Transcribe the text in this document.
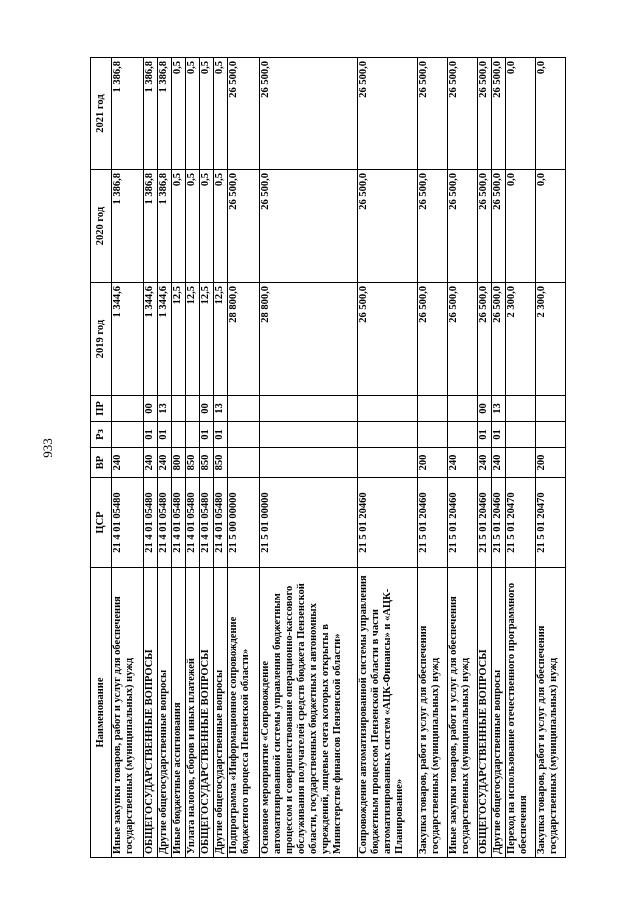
933
Наименование	ЦСР	ВР	Рз	ПР	2019 год	2020 год	2021 год
Иные закупки товаров, работ и услуг для обеспечения государственных (муниципальных) нужд	21 4 01 05480	240			1 344,6	1 386,8	1 386,8
ОБЩЕГОСУДАРСТВЕННЫЕ ВОПРОСЫ	21 4 01 05480	240	01	00	1 344,6	1 386,8	1 386,8
Другие общегосударственные вопросы	21 4 01 05480	240	01	13	1 344,6	1 386,8	1 386,8
Иные бюджетные ассигнования	21 4 01 05480	800			12,5	0,5	0,5
Уплата налогов, сборов и иных платежей	21 4 01 05480	850			12,5	0,5	0,5
ОБЩЕГОСУДАРСТВЕННЫЕ ВОПРОСЫ	21 4 01 05480	850	01	00	12,5	0,5	0,5
Другие общегосударственные вопросы	21 4 01 05480	850	01	13	12,5	0,5	0,5
Подпрограмма «Информационное сопровождение бюджетного процесса Пензенской области»	21 5 00 00000				28 800,0	26 500,0	26 500,0
Основное мероприятие «Сопровождение автоматизированной системы управления бюджетным процессом и совершенствование операционно-кассового обслуживания получателей средств бюджета Пензенской области, государственных бюджетных и автономных учреждений, лицевые счета которых открыты в Министерстве финансов Пензенской области»	21 5 01 00000				28 800,0	26 500,0	26 500,0
Сопровождение автоматизированной системы управления бюджетным процессом Пензенской области в части автоматизированных систем «АЦК-Финансы» и «АЦК-Планирование»	21 5 01 20460				26 500,0	26 500,0	26 500,0
Закупка товаров, работ и услуг для обеспечения государственных (муниципальных) нужд	21 5 01 20460	200			26 500,0	26 500,0	26 500,0
Иные закупки товаров, работ и услуг для обеспечения государственных (муниципальных) нужд	21 5 01 20460	240			26 500,0	26 500,0	26 500,0
ОБЩЕГОСУДАРСТВЕННЫЕ ВОПРОСЫ	21 5 01 20460	240	01	00	26 500,0	26 500,0	26 500,0
Другие общегосударственные вопросы	21 5 01 20460	240	01	13	26 500,0	26 500,0	26 500,0
Переход на использование отечественного программного обеспечения	21 5 01 20470				2 300,0	0,0	0,0
Закупка товаров, работ и услуг для обеспечения государственных (муниципальных) нужд	21 5 01 20470	200			2 300,0	0,0	0,0
